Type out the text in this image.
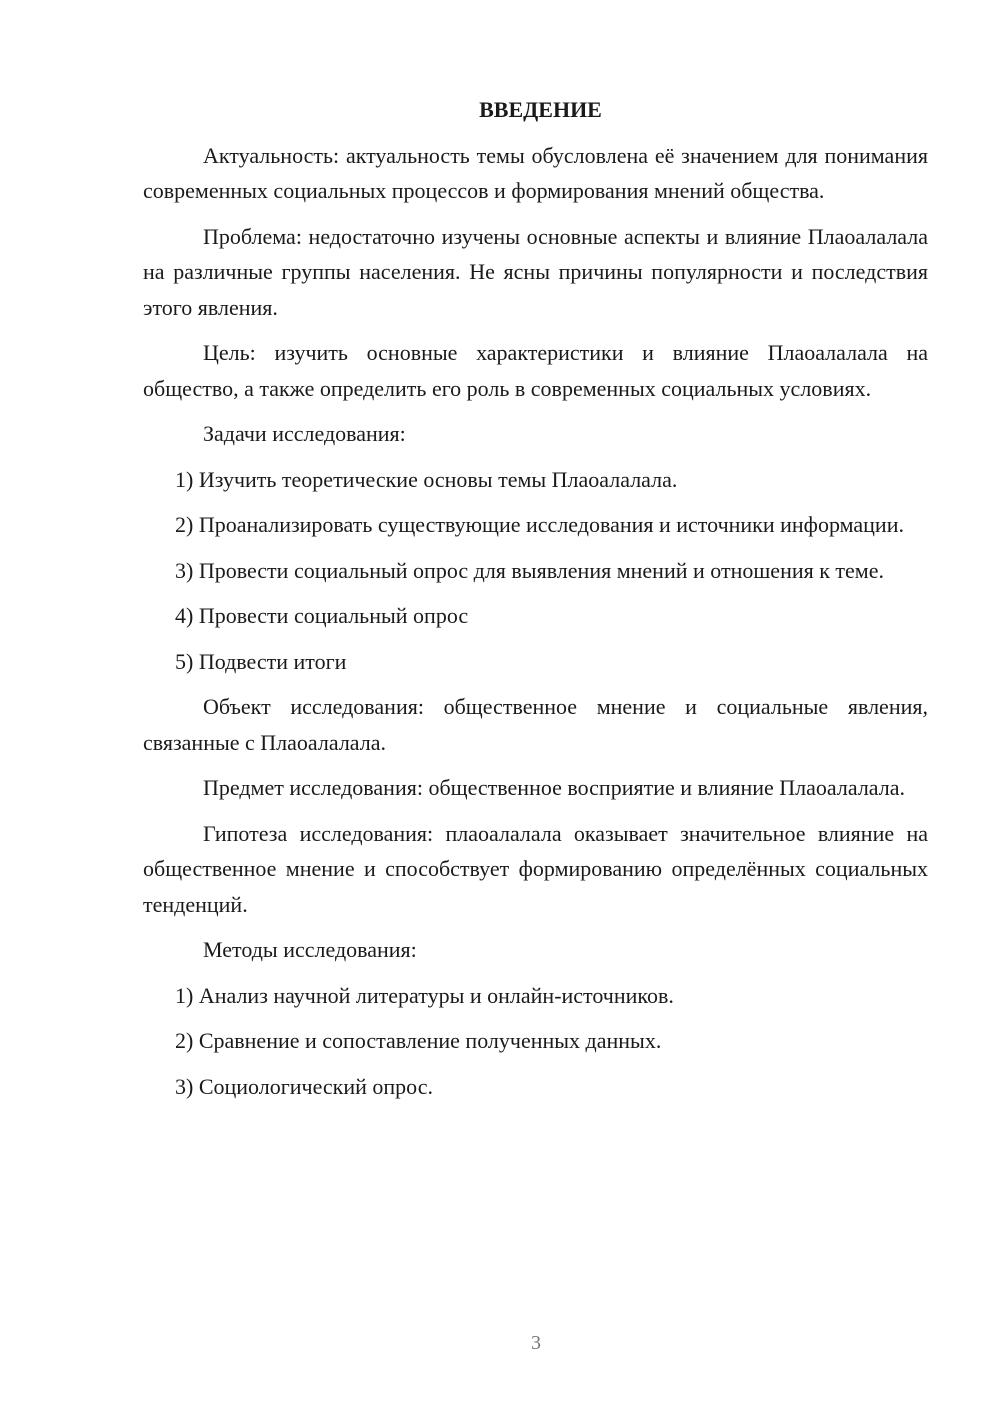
ВВЕДЕНИЕ

Актуальность: актуальность темы обусловлена её значением для понимания современных социальных процессов и формирования мнений общества.

Проблема: недостаточно изучены основные аспекты и влияние Плаоалалала на различные группы населения. Не ясны причины популярности и последствия этого явления.

Цель: изучить основные характеристики и влияние Плаоалалала на общество, а также определить его роль в современных социальных условиях.

Задачи исследования:

1) Изучить теоретические основы темы Плаоалалала.

2) Проанализировать существующие исследования и источники информации.

3) Провести социальный опрос для выявления мнений и отношения к теме.

4) Провести социальный опрос

5) Подвести итоги

Объект исследования: общественное мнение и социальные явления, связанные с Плаоалалала.

Предмет исследования: общественное восприятие и влияние Плаоалалала.

Гипотеза исследования: плаоалалала оказывает значительное влияние на общественное мнение и способствует формированию определённых социальных тенденций.

Методы исследования:

1) Анализ научной литературы и онлайн-источников.

2) Сравнение и сопоставление полученных данных.

3) Социологический опрос.

3
